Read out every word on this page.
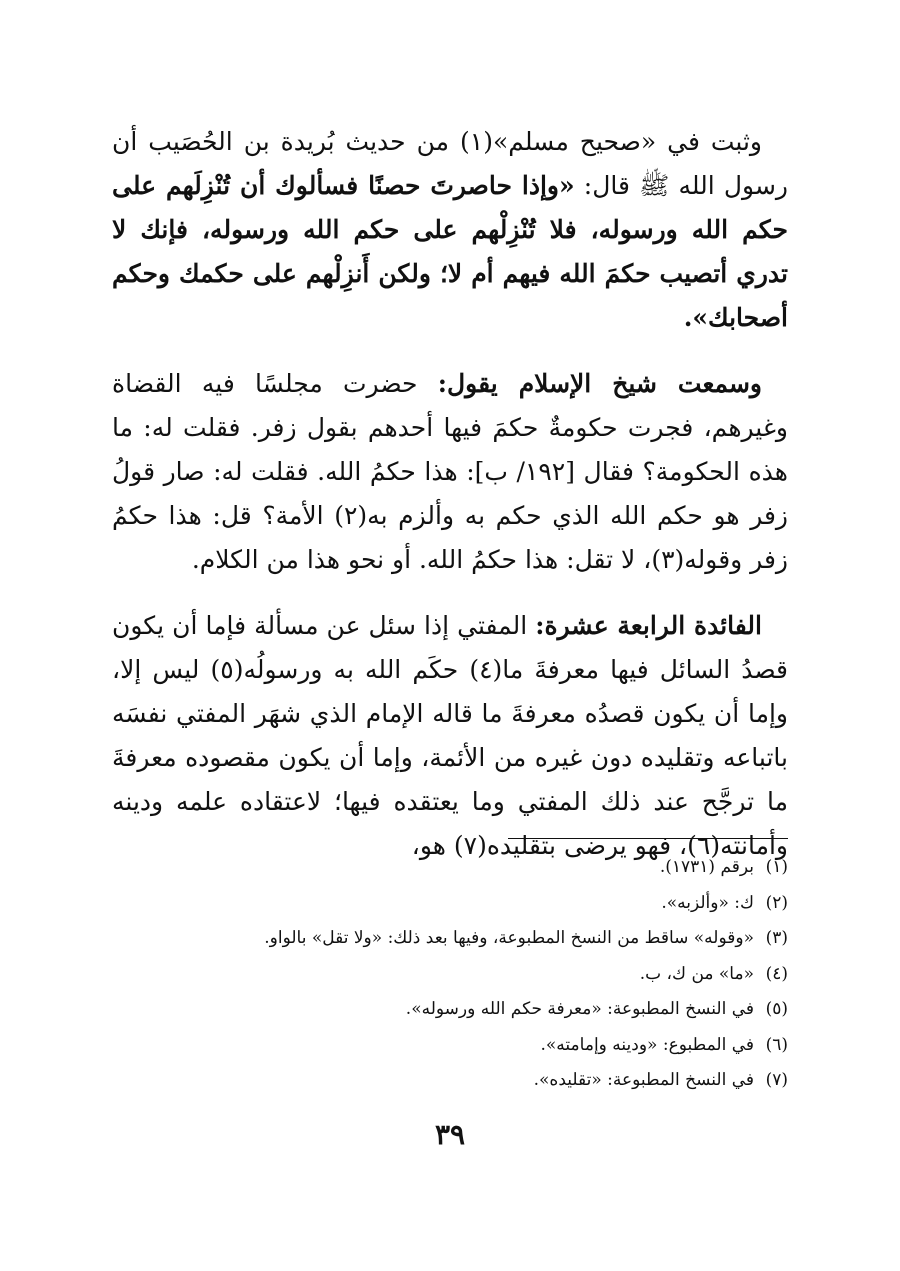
وثبت في «صحيح مسلم»(١) من حديث بُريدة بن الحُصَيب أن رسول الله ﷺ قال: «وإذا حاصرتَ حصنًا فسألوك أن تُنْزِلَهم على حكم الله ورسوله، فلا تُنْزِلْهم على حكم الله ورسوله، فإنك لا تدري أتصيب حكمَ الله فيهم أم لا؛ ولكن أَنزِلْهم على حكمك وحكم أصحابك».

وسمعت شيخ الإسلام يقول: حضرت مجلسًا فيه القضاة وغيرهم، فجرت حكومةٌ حكمَ فيها أحدهم بقول زفر. فقلت له: ما هذه الحكومة؟ فقال [١٩٢/ ب]: هذا حكمُ الله. فقلت له: صار قولُ زفر هو حكم الله الذي حكم به وألزم به(٢) الأمة؟ قل: هذا حكمُ زفر وقوله(٣)، لا تقل: هذا حكمُ الله. أو نحو هذا من الكلام.

الفائدة الرابعة عشرة: المفتي إذا سئل عن مسألة فإما أن يكون قصدُ السائل فيها معرفةَ ما(٤) حكَم الله به ورسولُه(٥) ليس إلا، وإما أن يكون قصدُه معرفةَ ما قاله الإمام الذي شهَر المفتي نفسَه باتباعه وتقليده دون غيره من الأئمة، وإما أن يكون مقصوده معرفةَ ما ترجَّح عند ذلك المفتي وما يعتقده فيها؛ لاعتقاده علمه ودينه وأمانته(٦)، فهو يرضى بتقليده(٧) هو،

(١)
برقم (١٧٣١).
(٢)
ك: «وألزبه».
(٣)
«وقوله» ساقط من النسخ المطبوعة، وفيها بعد ذلك: «ولا تقل» بالواو.
(٤)
«ما» من ك، ب.
(٥)
في النسخ المطبوعة: «معرفة حكم الله ورسوله».
(٦)
في المطبوع: «ودينه وإمامته».
(٧)
في النسخ المطبوعة: «تقليده».
٣٩
